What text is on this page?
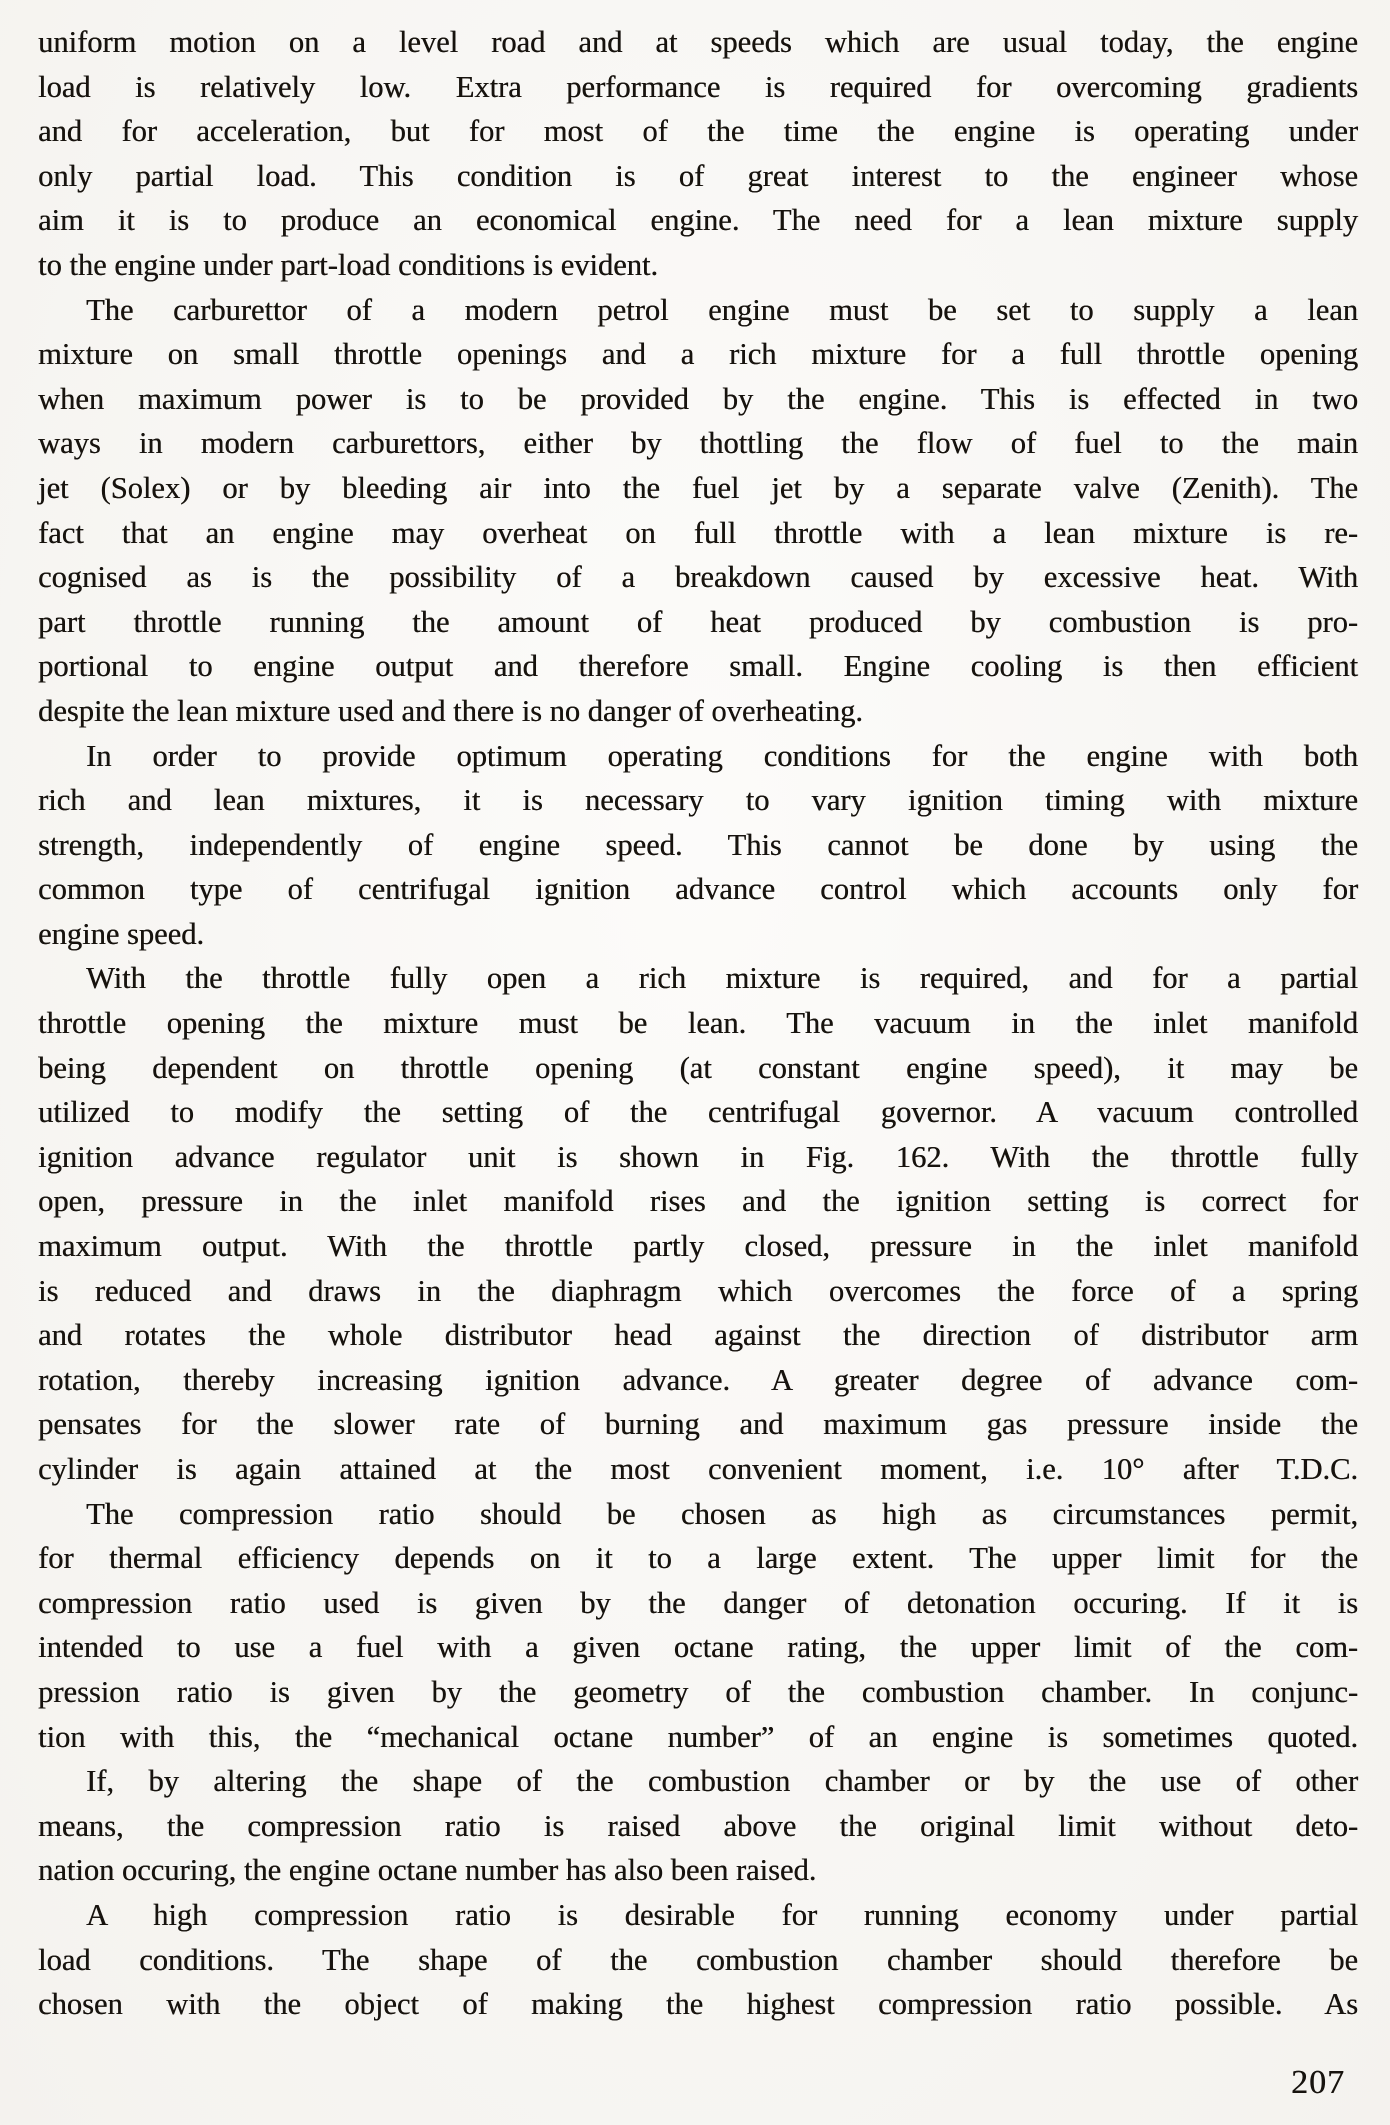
uniform motion on a level road and at speeds which are usual today, the engine
load is relatively low. Extra performance is required for overcoming gradients
and for acceleration, but for most of the time the engine is operating under
only partial load. This condition is of great interest to the engineer whose
aim it is to produce an economical engine. The need for a lean mixture supply
to the engine under part-load conditions is evident.
The carburettor of a modern petrol engine must be set to supply a lean
mixture on small throttle openings and a rich mixture for a full throttle opening
when maximum power is to be provided by the engine. This is effected in two
ways in modern carburettors, either by thottling the flow of fuel to the main
jet (Solex) or by bleeding air into the fuel jet by a separate valve (Zenith). The
fact that an engine may overheat on full throttle with a lean mixture is re-
cognised as is the possibility of a breakdown caused by excessive heat. With
part throttle running the amount of heat produced by combustion is pro-
portional to engine output and therefore small. Engine cooling is then efficient
despite the lean mixture used and there is no danger of overheating.
In order to provide optimum operating conditions for the engine with both
rich and lean mixtures, it is necessary to vary ignition timing with mixture
strength, independently of engine speed. This cannot be done by using the
common type of centrifugal ignition advance control which accounts only for
engine speed.
With the throttle fully open a rich mixture is required, and for a partial
throttle opening the mixture must be lean. The vacuum in the inlet manifold
being dependent on throttle opening (at constant engine speed), it may be
utilized to modify the setting of the centrifugal governor. A vacuum controlled
ignition advance regulator unit is shown in Fig. 162. With the throttle fully
open, pressure in the inlet manifold rises and the ignition setting is correct for
maximum output. With the throttle partly closed, pressure in the inlet manifold
is reduced and draws in the diaphragm which overcomes the force of a spring
and rotates the whole distributor head against the direction of distributor arm
rotation, thereby increasing ignition advance. A greater degree of advance com-
pensates for the slower rate of burning and maximum gas pressure inside the
cylinder is again attained at the most convenient moment, i.e. 10° after T.D.C.
The compression ratio should be chosen as high as circumstances permit,
for thermal efficiency depends on it to a large extent. The upper limit for the
compression ratio used is given by the danger of detonation occuring. If it is
intended to use a fuel with a given octane rating, the upper limit of the com-
pression ratio is given by the geometry of the combustion chamber. In conjunc-
tion with this, the “mechanical octane number” of an engine is sometimes quoted.
If, by altering the shape of the combustion chamber or by the use of other
means, the compression ratio is raised above the original limit without deto-
nation occuring, the engine octane number has also been raised.
A high compression ratio is desirable for running economy under partial
load conditions. The shape of the combustion chamber should therefore be
chosen with the object of making the highest compression ratio possible. As
207
